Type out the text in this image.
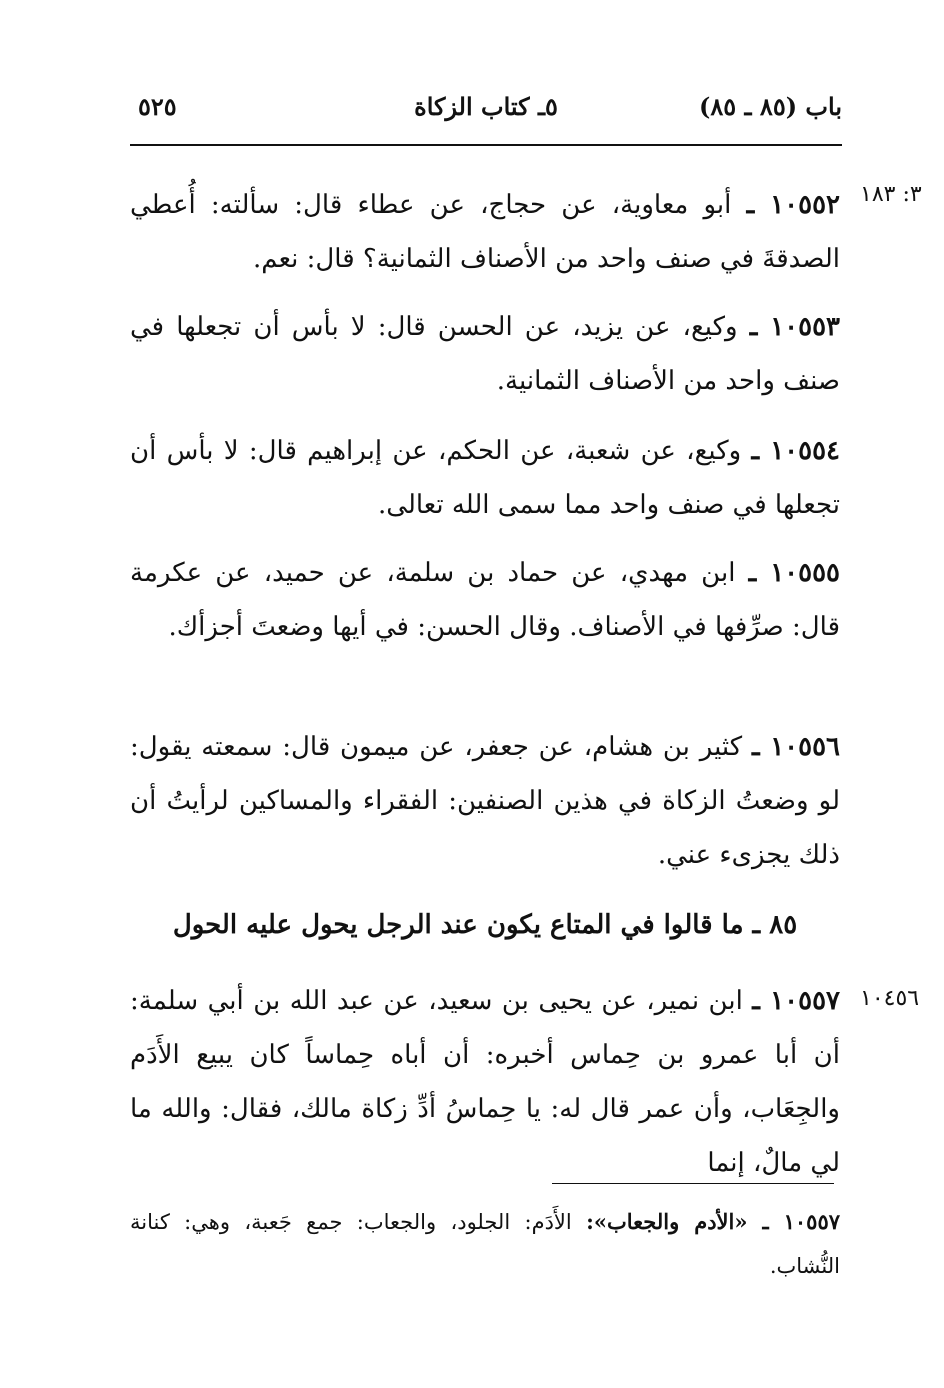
باب (٨٥ ـ ٨٥)
٥ـ كتاب الزكاة
٥٢٥
٣: ١٨٣
١٠٥٥٢ ـ أبو معاوية، عن حجاج، عن عطاء قال: سألته: أُعطي الصدقةَ في صنف واحد من الأصناف الثمانية؟ قال: نعم.
١٠٥٥٣ ـ وكيع، عن يزيد، عن الحسن قال: لا بأس أن تجعلها في صنف واحد من الأصناف الثمانية.
١٠٥٥٤ ـ وكيع، عن شعبة، عن الحكم، عن إبراهيم قال: لا بأس أن تجعلها في صنف واحد مما سمى الله تعالى.
١٠٥٥٥ ـ ابن مهدي، عن حماد بن سلمة، عن حميد، عن عكرمة قال: صرِّفها في الأصناف. وقال الحسن: في أيها وضعتَ أجزأك.
١٠٥٥٦ ـ كثير بن هشام، عن جعفر، عن ميمون قال: سمعته يقول: لو وضعتُ الزكاة في هذين الصنفين: الفقراء والمساكين لرأيتُ أن ذلك يجزىء عني.
٨٥ ـ ما قالوا في المتاع يكون عند الرجل يحول عليه الحول
١٠٤٥٦
١٠٥٥٧ ـ ابن نمير، عن يحيى بن سعيد، عن عبد الله بن أبي سلمة: أن أبا عمرو بن حِماس أخبره: أن أباه حِماساً كان يبيع الأَدَم والجِعَاب، وأن عمر قال له: يا حِماسُ أدِّ زكاة مالك، فقال: والله ما لي مالٌ، إنما
١٠٥٥٧ ـ «الأدم والجعاب»: الأَدَم: الجلود، والجعاب: جمع جَعبة، وهي: كنانة النُّشاب.
